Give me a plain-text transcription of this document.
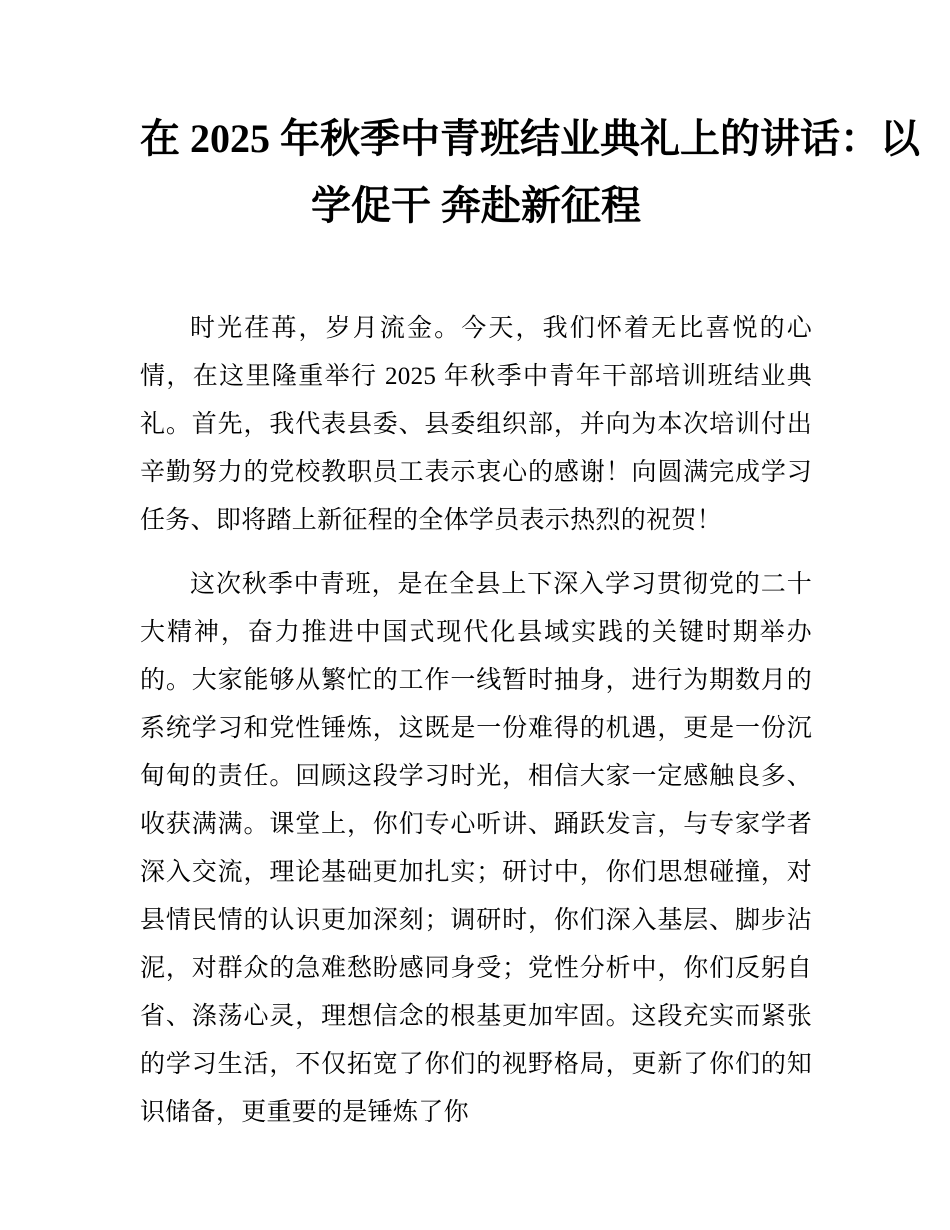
在 2025 年秋季中青班结业典礼上的讲话：以
学促干 奔赴新征程

时光荏苒，岁月流金。今天，我们怀着无比喜悦的心情，在这里隆重举行 2025 年秋季中青年干部培训班结业典礼。首先，我代表县委、县委组织部，并向为本次培训付出辛勤努力的党校教职员工表示衷心的感谢！向圆满完成学习任务、即将踏上新征程的全体学员表示热烈的祝贺！

这次秋季中青班，是在全县上下深入学习贯彻党的二十大精神，奋力推进中国式现代化县域实践的关键时期举办的。大家能够从繁忙的工作一线暂时抽身，进行为期数月的系统学习和党性锤炼，这既是一份难得的机遇，更是一份沉甸甸的责任。回顾这段学习时光，相信大家一定感触良多、收获满满。课堂上，你们专心听讲、踊跃发言，与专家学者深入交流，理论基础更加扎实；研讨中，你们思想碰撞，对县情民情的认识更加深刻；调研时，你们深入基层、脚步沾泥，对群众的急难愁盼感同身受；党性分析中，你们反躬自省、涤荡心灵，理想信念的根基更加牢固。这段充实而紧张的学习生活，不仅拓宽了你们的视野格局，更新了你们的知识储备，更重要的是锤炼了你
